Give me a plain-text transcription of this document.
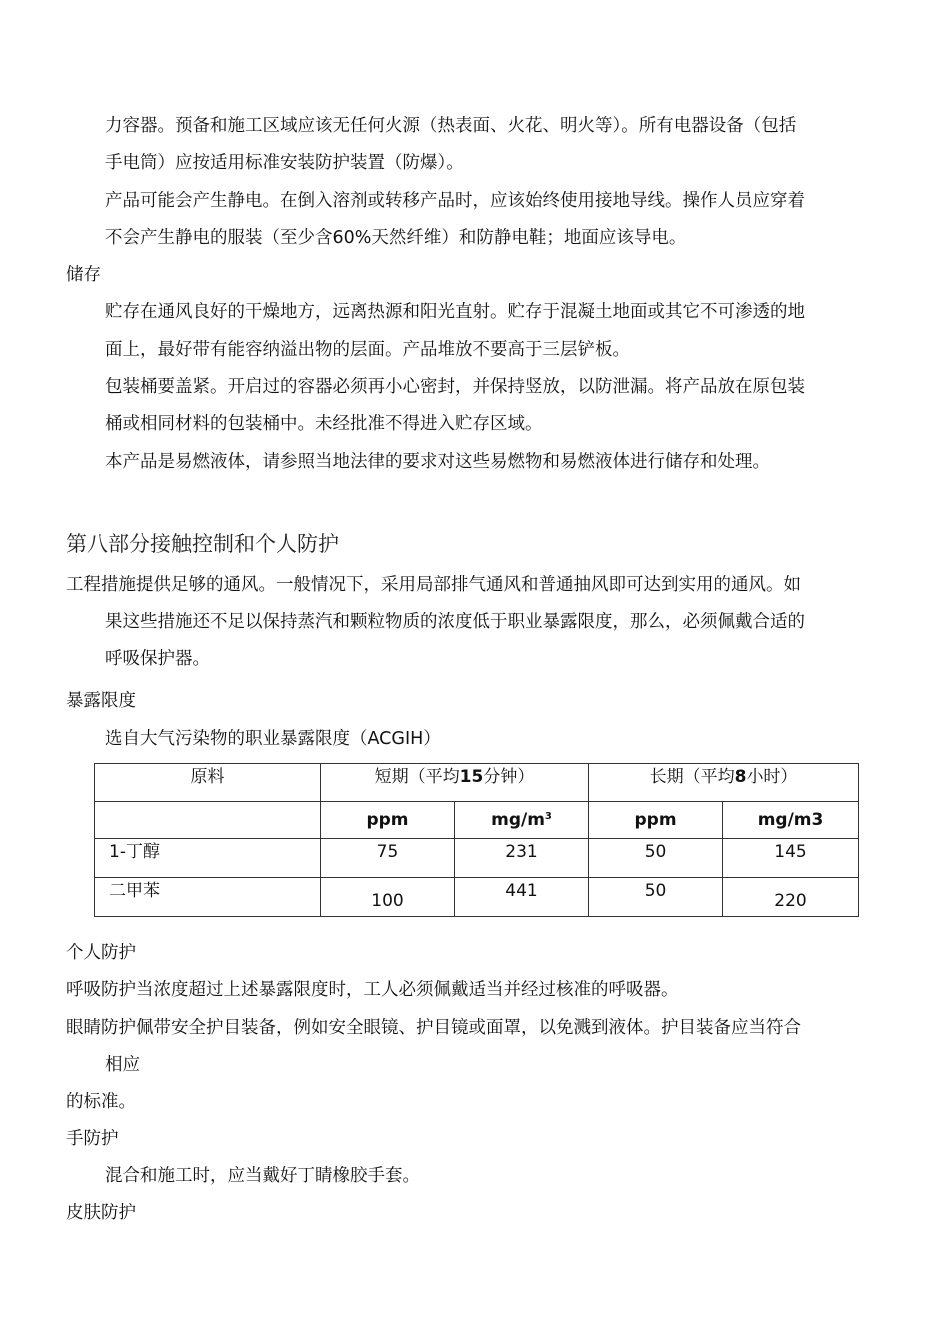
力容器。预备和施工区域应该无任何火源（热表面、火花、明火等）。所有电器设备（包括
手电筒）应按适用标准安装防护装置（防爆）。
产品可能会产生静电。在倒入溶剂或转移产品时，应该始终使用接地导线。操作人员应穿着
不会产生静电的服装（至少含60%天然纤维）和防静电鞋；地面应该导电。
储存
贮存在通风良好的干燥地方，远离热源和阳光直射。贮存于混凝土地面或其它不可渗透的地
面上，最好带有能容纳溢出物的层面。产品堆放不要高于三层铲板。
包装桶要盖紧。开启过的容器必须再小心密封，并保持竖放，以防泄漏。将产品放在原包装
桶或相同材料的包装桶中。未经批准不得进入贮存区域。
本产品是易燃液体，请参照当地法律的要求对这些易燃物和易燃液体进行储存和处理。
第八部分接触控制和个人防护
工程措施提供足够的通风。一般情况下，采用局部排气通风和普通抽风即可达到实用的通风。如
果这些措施还不足以保持蒸汽和颗粒物质的浓度低于职业暴露限度，那么，必须佩戴合适的
呼吸保护器。
暴露限度
选自大气污染物的职业暴露限度（ACGIH）
原料	短期（平均15分钟）		长期（平均8小时）	
	ppm	$mg/m^3$	ppm	mg/m3
1-丁醇	75	231	50	145
二甲苯	100	441	50	220
个人防护
呼吸防护当浓度超过上述暴露限度时，工人必须佩戴适当并经过核准的呼吸器。
眼睛防护佩带安全护目装备，例如安全眼镜、护目镜或面罩，以免溅到液体。护目装备应当符合
相应
的标准。
手防护
混合和施工时，应当戴好丁睛橡胶手套。
皮肤防护
